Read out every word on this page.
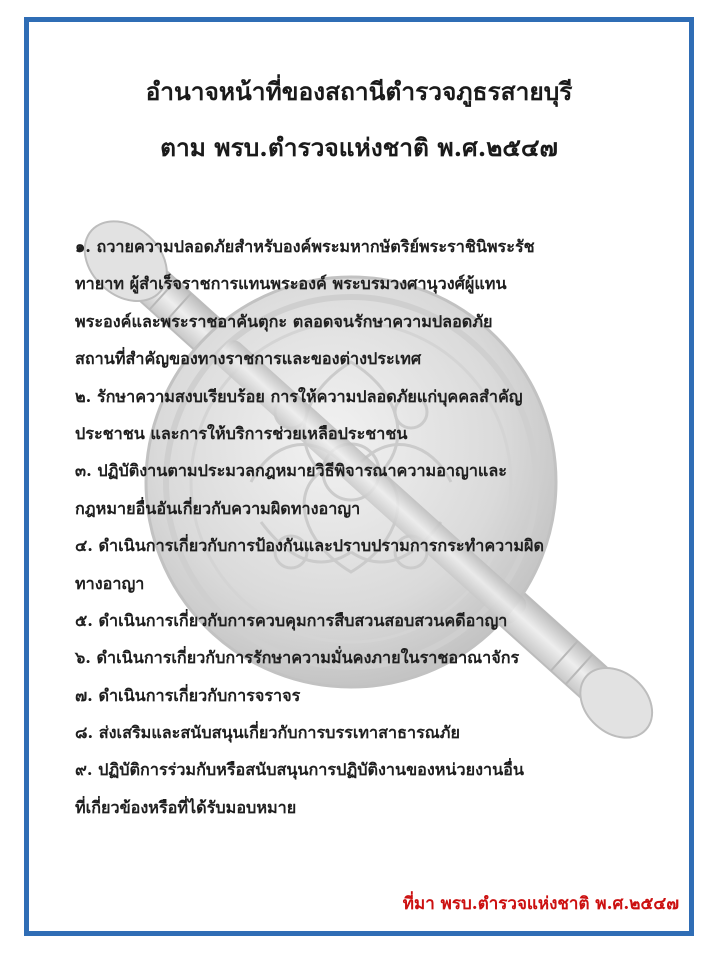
อำนาจหน้าที่ของสถานีตำรวจภูธรสายบุรี
ตาม พรบ.ตำรวจแห่งชาติ พ.ศ.๒๕๔๗
๑. ถวายความปลอดภัยสำหรับองค์พระมหากษัตริย์พระราชินิพระรัช
ทายาท ผู้สำเร็จราชการแทนพระองค์ พระบรมวงศานุวงศ์ผู้แทน
พระองค์และพระราชอาคันตุกะ ตลอดจนรักษาความปลอดภัย
สถานที่สำคัญของทางราชการและของต่างประเทศ
๒. รักษาความสงบเรียบร้อย การให้ความปลอดภัยแก่บุคคลสำคัญ
ประชาชน และการให้บริการช่วยเหลือประชาชน
๓. ปฏิบัติงานตามประมวลกฎหมายวิธีพิจารณาความอาญาและ
กฎหมายอื่นอันเกี่ยวกับความผิดทางอาญา
๔. ดำเนินการเกี่ยวกับการป้องกันและปราบปรามการกระทำความผิด
ทางอาญา
๕. ดำเนินการเกี่ยวกับการควบคุมการสืบสวนสอบสวนคดีอาญา
๖. ดำเนินการเกี่ยวกับการรักษาความมั่นคงภายในราชอาณาจักร
๗. ดำเนินการเกี่ยวกับการจราจร
๘. ส่งเสริมและสนับสนุนเกี่ยวกับการบรรเทาสาธารณภัย
๙. ปฏิบัติการร่วมกับหรือสนับสนุนการปฏิบัติงานของหน่วยงานอื่น
ที่เกี่ยวข้องหรือที่ได้รับมอบหมาย
ที่มา พรบ.ตำรวจแห่งชาติ พ.ศ.๒๕๔๗
